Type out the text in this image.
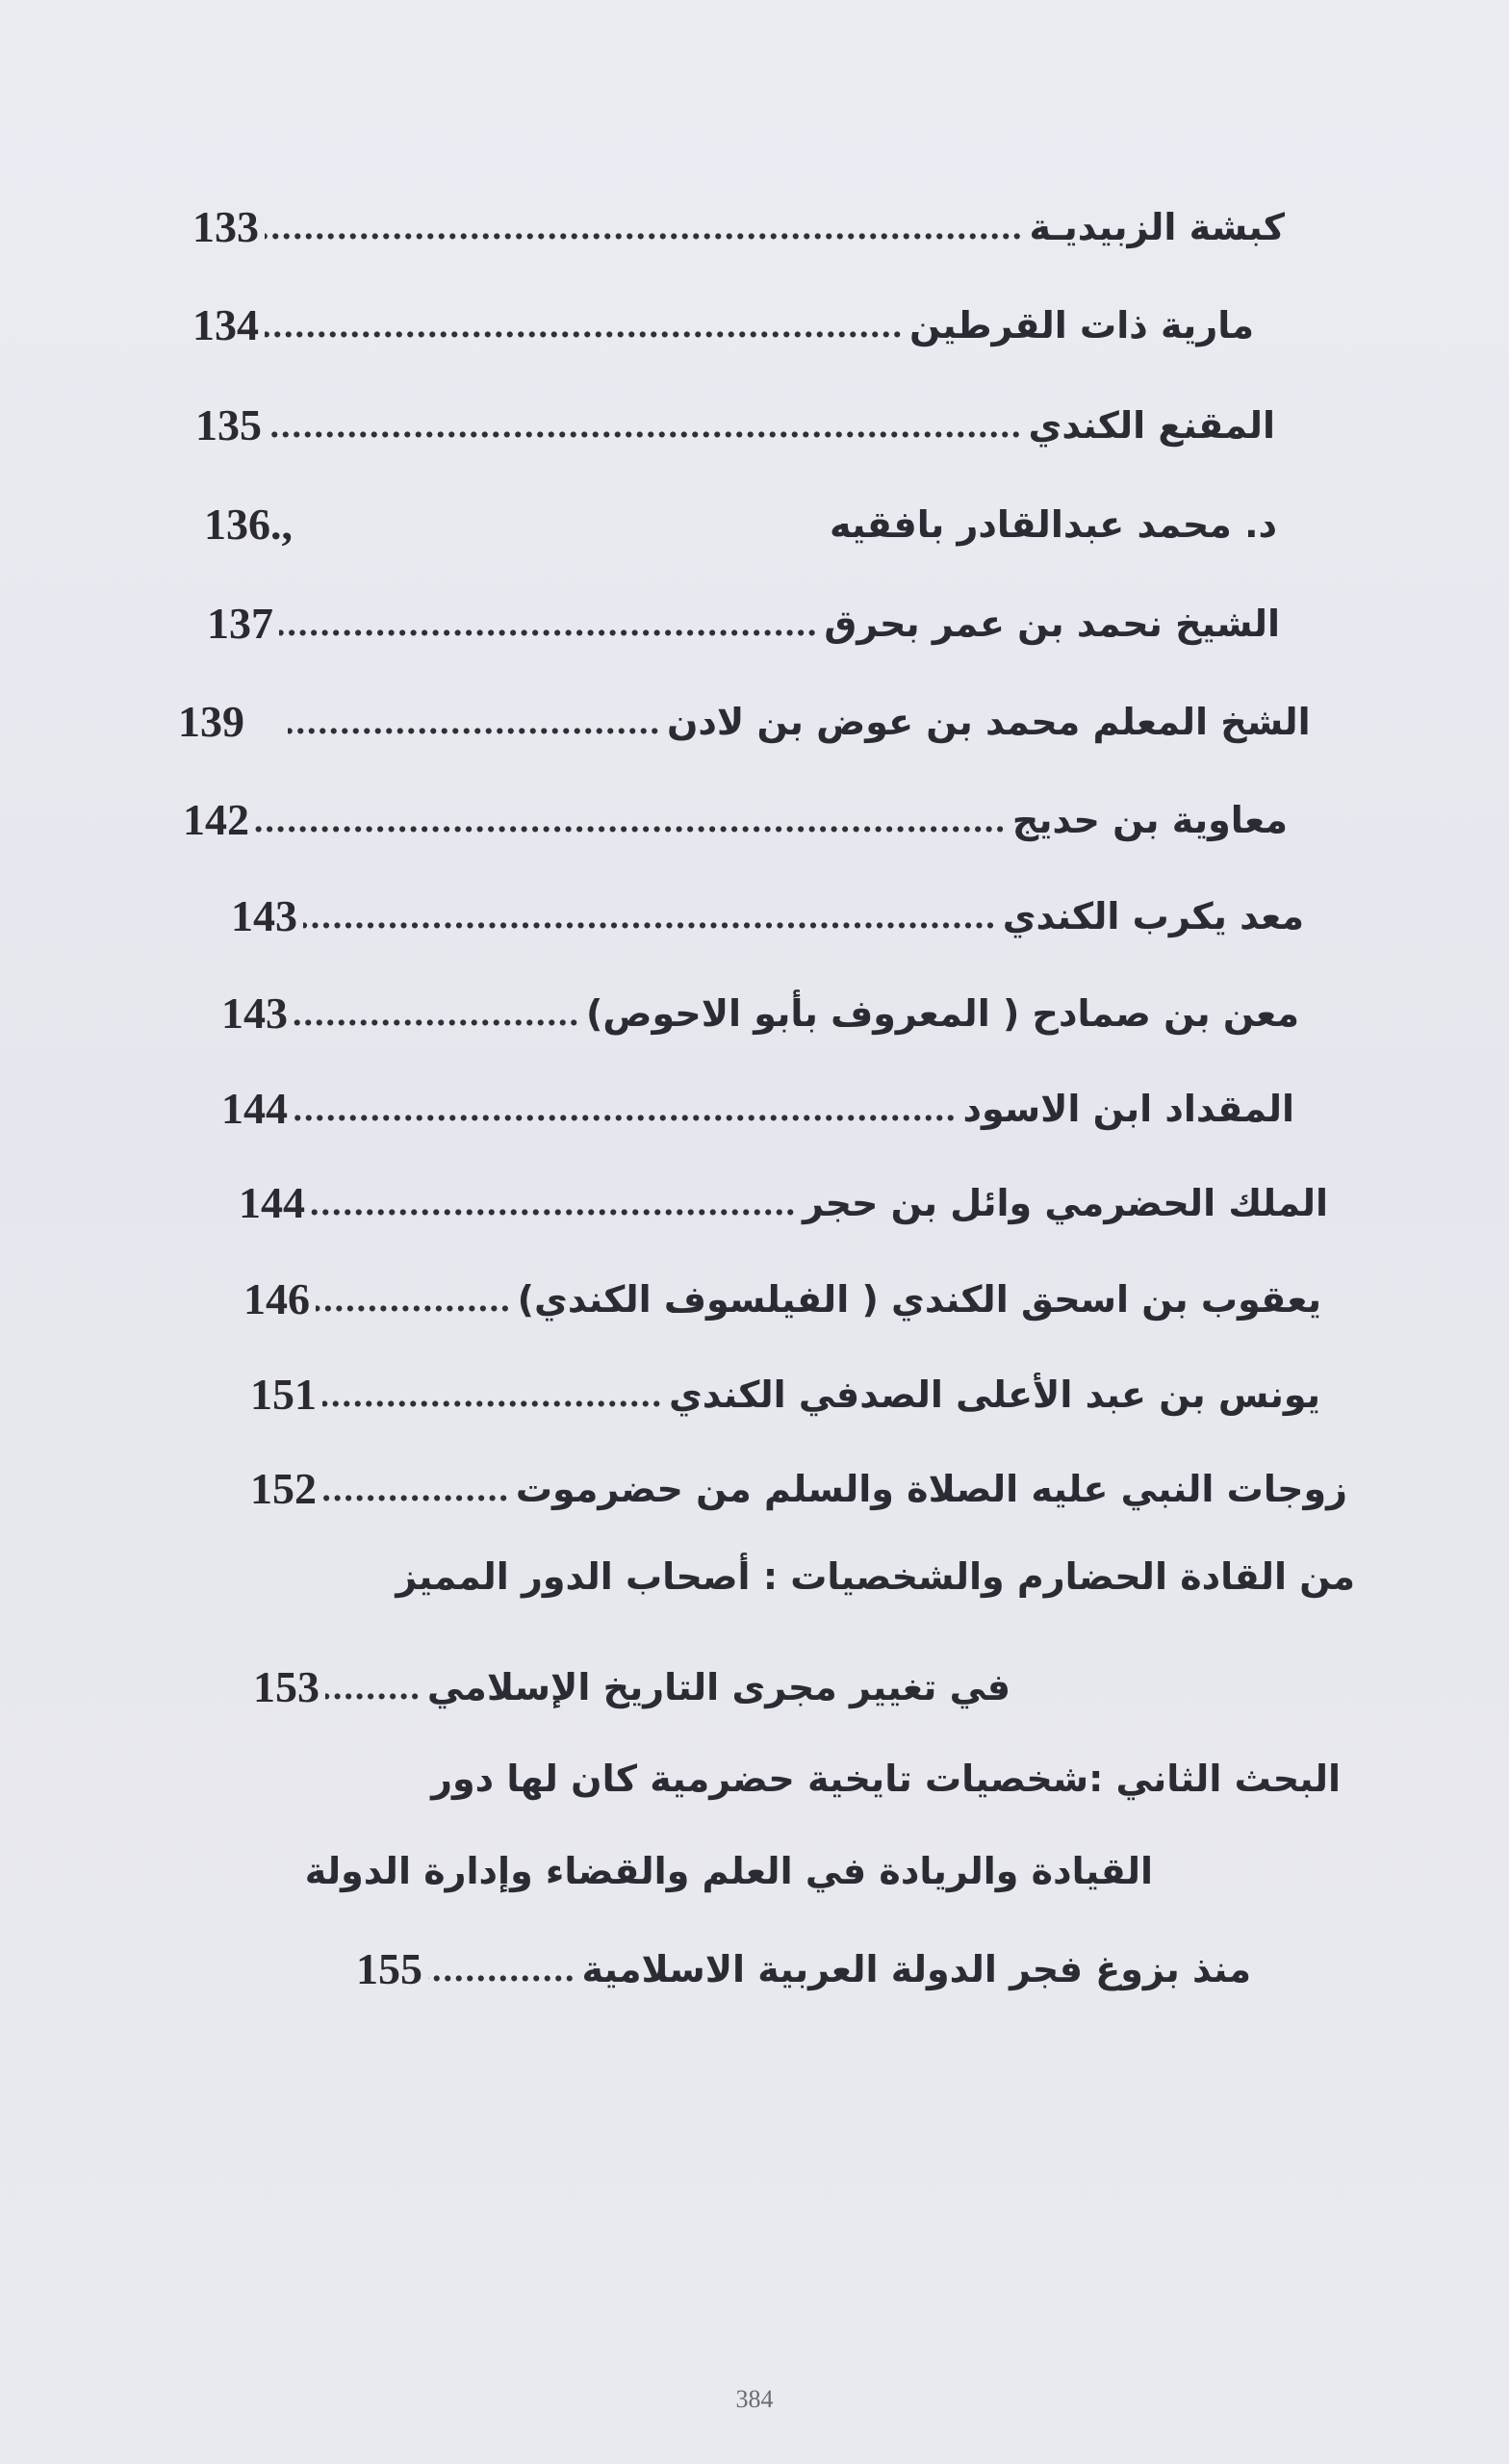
133 .....	كبشة الزبيديـة
134 .....	مارية ذات القرطين
135 .....	المقنع الكندي
136.,	د. محمد عبدالقادر بافقيه
137 .....	الشيخ نحمد بن عمر بحرق
139 .....	الشخ المعلم محمد بن عوض بن لادن
142 .....	معاوية بن حديج
143 .....	معد يكرب الكندي
143 .....	معن بن صمادح ( المعروف بأبو الاحوص)
144 .....	المقداد ابن الاسود
144 .....	الملك الحضرمي وائل بن حجر
146 .....	يعقوب بن اسحق الكندي ( الفيلسوف الكندي)
151 .....	يونس بن عبد الأعلى الصدفي الكندي
152 .....	زوجات النبي عليه الصلاة والسلم من حضرموت
من القادة الحضارم والشخصيات : أصحاب الدور المميز
153 .....	في تغيير مجرى التاريخ الإسلامي
البحث الثاني :شخصيات تايخية حضرمية كان لها دور
القيادة والريادة في العلم والقضاء وإدارة الدولة
155 .....	منذ بزوغ فجر الدولة العربية الاسلامية
384
